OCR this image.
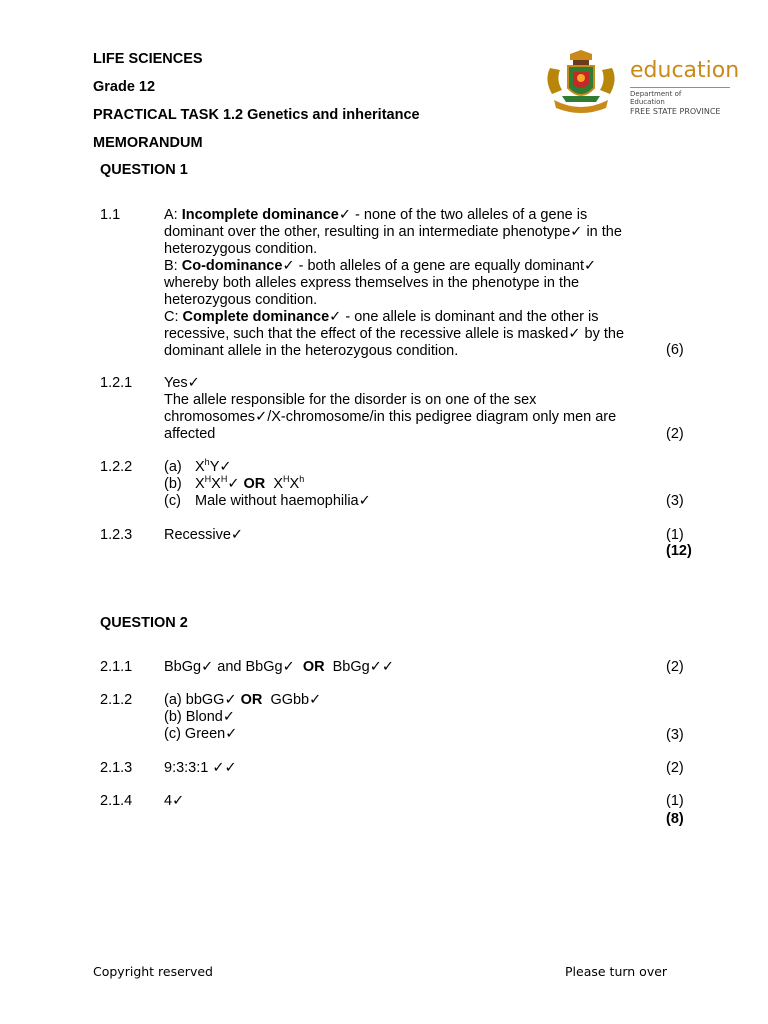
LIFE SCIENCES
Grade 12
PRACTICAL TASK 1.2 Genetics and inheritance
MEMORANDUM
education
Department of
Education
FREE STATE PROVINCE
QUESTION 1
1.1	A: Incomplete dominance✓ - none of the two alleles of a gene is dominant over the other, resulting in an intermediate phenotype✓ in the heterozygous condition.
B: Co-dominance✓ - both alleles of a gene are equally dominant✓ whereby both alleles express themselves in the phenotype in the heterozygous condition.
C: Complete dominance✓ - one allele is dominant and the other is recessive, such that the effect of the recessive allele is masked✓ by the dominant allele in the heterozygous condition.	(6)
1.2.1 Yes✓
The allele responsible for the disorder is on one of the sex chromosomes✓/X-chromosome/in this pedigree diagram only men are affected	(2)
1.2.2 (a) $X^hY✓$
(b) $X^HX^H✓$ OR $X^HX^h$
(c) Male without haemophilia✓	(3)
1.2.3 Recessive✓	(1)
(12)
QUESTION 2
2.1.1 BbGg✓ and BbGg✓ OR BbGg✓✓	(2)
2.1.2 (a) bbGG✓ OR GGbb✓
(b) Blond✓
(c) Green✓	(3)
2.1.3 9:3:3:1 ✓✓	(2)
2.1.4 4✓	(1)
(8)
Copyright reserved	Please turn over
